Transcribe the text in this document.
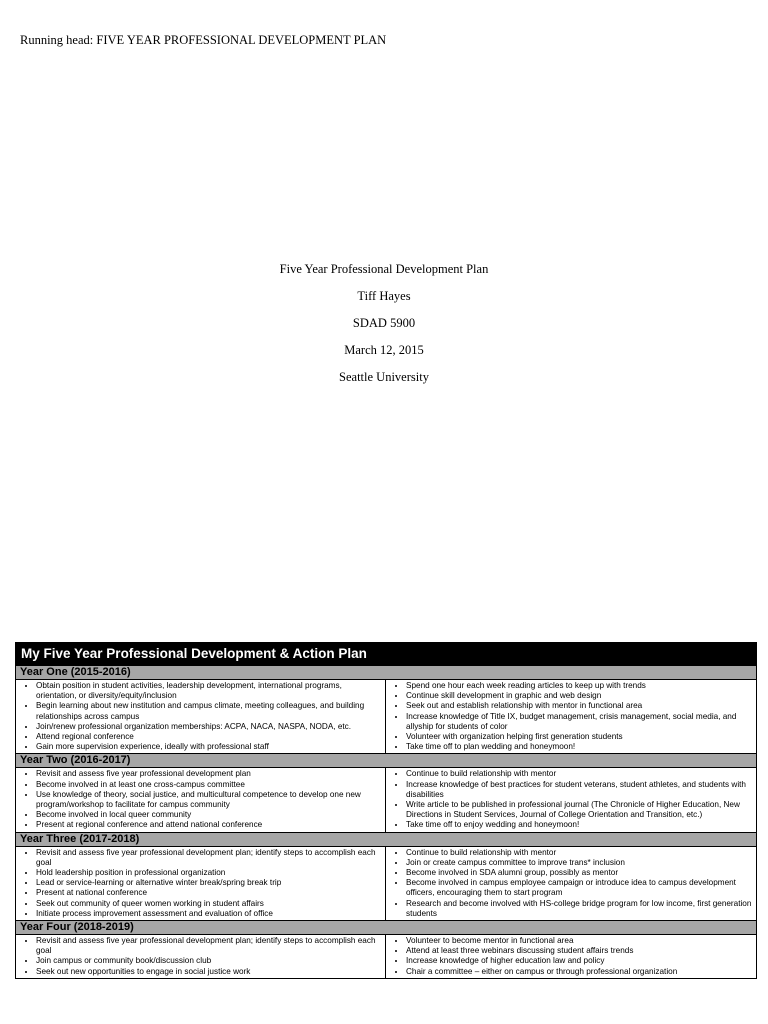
Running head: FIVE YEAR PROFESSIONAL DEVELOPMENT PLAN
Five Year Professional Development Plan
Tiff Hayes
SDAD 5900
March 12, 2015
Seattle University
My Five Year Professional Development & Action Plan
Year One (2015-2016)
• Obtain position in student activities, leadership development, international programs, orientation, or diversity/equity/inclusion
• Begin learning about new institution and campus climate, meeting colleagues, and building relationships across campus
• Join/renew professional organization memberships: ACPA, NACA, NASPA, NODA, etc.
• Attend regional conference
• Gain more supervision experience, ideally with professional staff
• Spend one hour each week reading articles to keep up with trends
• Continue skill development in graphic and web design
• Seek out and establish relationship with mentor in functional area
• Increase knowledge of Title IX, budget management, crisis management, social media, and allyship for students of color
• Volunteer with organization helping first generation students
• Take time off to plan wedding and honeymoon!
Year Two (2016-2017)
• Revisit and assess five year professional development plan
• Become involved in at least one cross-campus committee
• Use knowledge of theory, social justice, and multicultural competence to develop one new program/workshop to facilitate for campus community
• Become involved in local queer community
• Present at regional conference and attend national conference
• Continue to build relationship with mentor
• Increase knowledge of best practices for student veterans, student athletes, and students with disabilities
• Write article to be published in professional journal (The Chronicle of Higher Education, New Directions in Student Services, Journal of College Orientation and Transition, etc.)
• Take time off to enjoy wedding and honeymoon!
Year Three (2017-2018)
• Revisit and assess five year professional development plan; identify steps to accomplish each goal
• Hold leadership position in professional organization
• Lead or service-learning or alternative winter break/spring break trip
• Present at national conference
• Seek out community of queer women working in student affairs
• Initiate process improvement assessment and evaluation of office
• Continue to build relationship with mentor
• Join or create campus committee to improve trans* inclusion
• Become involved in SDA alumni group, possibly as mentor
• Become involved in campus employee campaign or introduce idea to campus development officers, encouraging them to start program
• Research and become involved with HS-college bridge program for low income, first generation students
Year Four (2018-2019)
• Revisit and assess five year professional development plan; identify steps to accomplish each goal
• Join campus or community book/discussion club
• Seek out new opportunities to engage in social justice work
• Volunteer to become mentor in functional area
• Attend at least three webinars discussing student affairs trends
• Increase knowledge of higher education law and policy
• Chair a committee – either on campus or through professional organization
